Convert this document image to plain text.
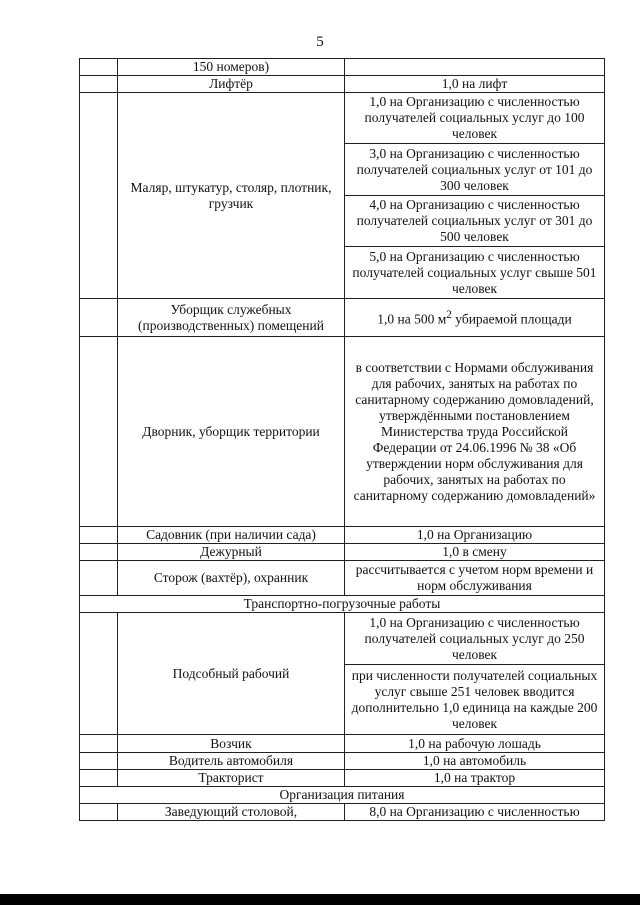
5
	150 номеров)	
	Лифтёр	1,0 на лифт
	Маляр, штукатур, столяр, плотник, грузчик	1,0 на Организацию с численностью получателей социальных услуг до 100 человек
		3,0 на Организацию с численностью получателей социальных услуг от 101 до 300 человек
		4,0 на Организацию с численностью получателей социальных услуг от 301 до 500 человек
		5,0 на Организацию с численностью получателей социальных услуг свыше 501 человек
	Уборщик служебных (производственных) помещений	1,0 на 500 $м^2$ убираемой площади
	Дворник, уборщик территории	в соответствии с Нормами обслуживания для рабочих, занятых на работах по санитарному содержанию домовладений, утверждёнными постановлением Министерства труда Российской Федерации от 24.06.1996 № 38 «Об утверждении норм обслуживания для рабочих, занятых на работах по санитарному содержанию домовладений»
	Садовник (при наличии сада)	1,0 на Организацию
	Дежурный	1,0 в смену
	Сторож (вахтёр), охранник	рассчитывается с учетом норм времени и норм обслуживания
Транспортно-погрузочные работы		
	Подсобный рабочий	1,0 на Организацию с численностью получателей социальных услуг до 250 человек
		при численности получателей социальных услуг свыше 251 человек вводится дополнительно 1,0 единица на каждые 200 человек
	Возчик	1,0 на рабочую лошадь
	Водитель автомобиля	1,0 на автомобиль
	Тракторист	1,0 на трактор
Организация питания		
	Заведующий столовой,	8,0 на Организацию с численностью
